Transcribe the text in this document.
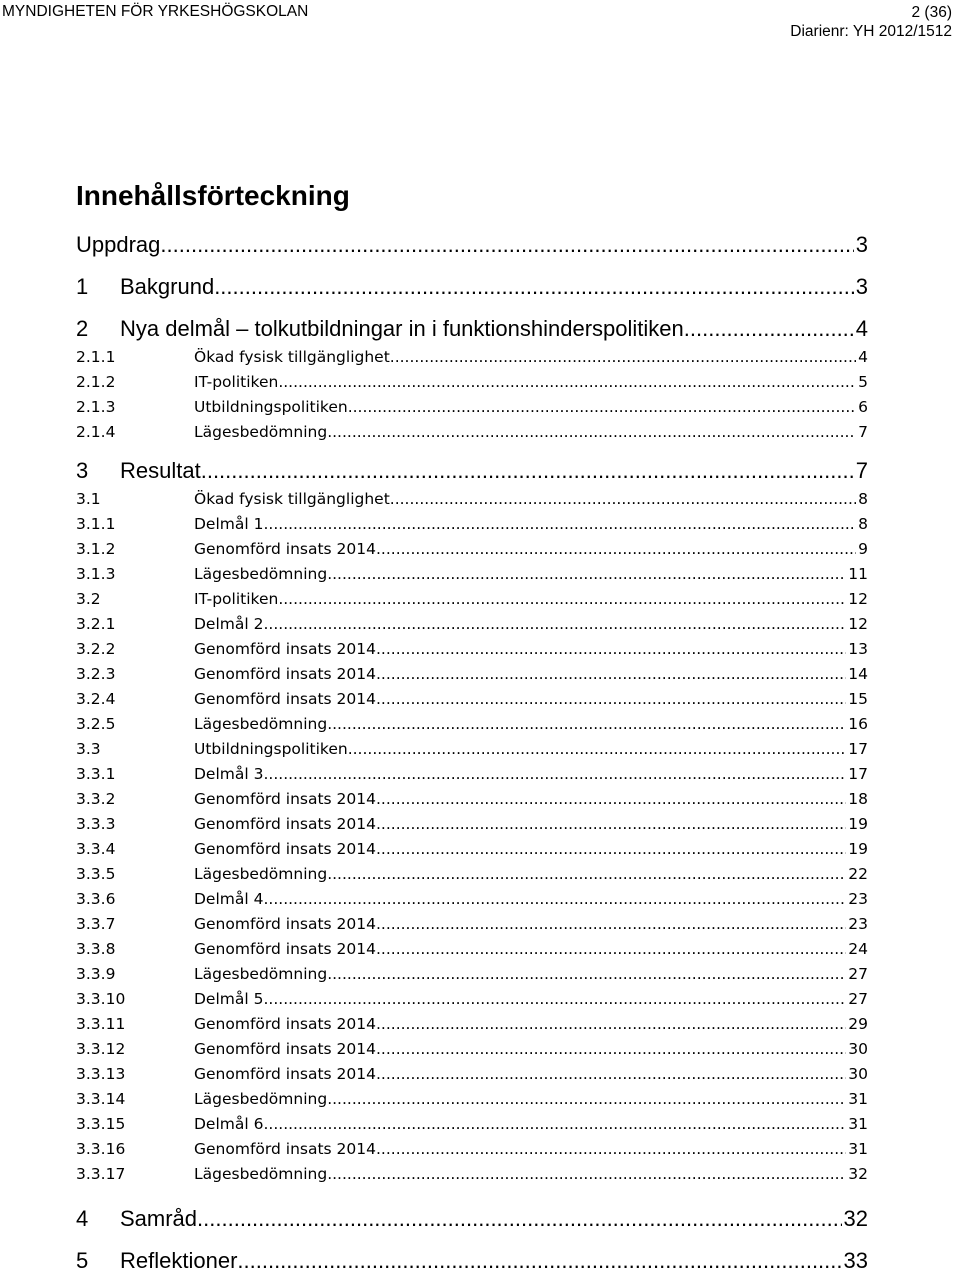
MYNDIGHETEN FÖR YRKESHÖGSKOLAN	2 (36)
Diarienr: YH 2012/1512
Innehållsförteckning
Uppdrag .....	3
1	Bakgrund .....	3
2	Nya delmål – tolkutbildningar in i funktionshinderspolitiken .....	4
2.1.1	Ökad fysisk tillgänglighet. .....	4
2.1.2	IT-politiken .....	5
2.1.3	Utbildningspolitiken .....	6
2.1.4	Lägesbedömning .....	7
3	Resultat .....	7
3.1	Ökad fysisk tillgänglighet. .....	8
3.1.1	Delmål 1 .....	8
3.1.2	Genomförd insats 2014 .....	9
3.1.3	Lägesbedömning .....	11
3.2	IT-politiken .....	12
3.2.1	Delmål 2 .....	12
3.2.2	Genomförd insats 2014 .....	13
3.2.3	Genomförd insats 2014 .....	14
3.2.4	Genomförd insats 2014 .....	15
3.2.5	Lägesbedömning .....	16
3.3	Utbildningspolitiken .....	17
3.3.1	Delmål 3 .....	17
3.3.2	Genomförd insats 2014 .....	18
3.3.3	Genomförd insats 2014 .....	19
3.3.4	Genomförd insats 2014 .....	19
3.3.5	Lägesbedömning .....	22
3.3.6	Delmål 4 .....	23
3.3.7	Genomförd insats 2014 .....	23
3.3.8	Genomförd insats 2014 .....	24
3.3.9	Lägesbedömning .....	27
3.3.10	Delmål 5 .....	27
3.3.11	Genomförd insats 2014 .....	29
3.3.12	Genomförd insats 2014 .....	30
3.3.13	Genomförd insats 2014 .....	30
3.3.14	Lägesbedömning .....	31
3.3.15	Delmål 6 .....	31
3.3.16	Genomförd insats 2014 .....	31
3.3.17	Lägesbedömning .....	32
4	Samråd .....	32
5	Reflektioner .....	33
